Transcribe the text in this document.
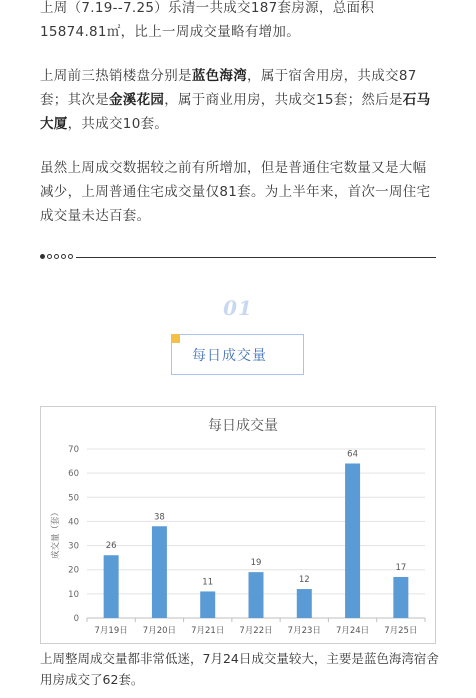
上周（7.19--7.25）乐清一共成交187套房源，总面积15874.81㎡，比上一周成交量略有增加。
上周前三热销楼盘分别是蓝色海湾，属于宿舍用房，共成交87套；其次是金溪花园，属于商业用房，共成交15套；然后是石马大厦，共成交10套。
虽然上周成交数据较之前有所增加，但是普通住宅数量又是大幅减少，上周普通住宅成交量仅81套。为上半年来，首次一周住宅成交量未达百套。
01
每日成交量
每日成交量
0
10
20
30
40
50
60
70
成交量（套）	26
7月19日
38
7月20日
11
7月21日
19
7月22日
12
7月23日
64
7月24日
17
7月25日
上周整周成交量都非常低迷，7月24日成交量较大，主要是蓝色海湾宿舍用房成交了62套。
